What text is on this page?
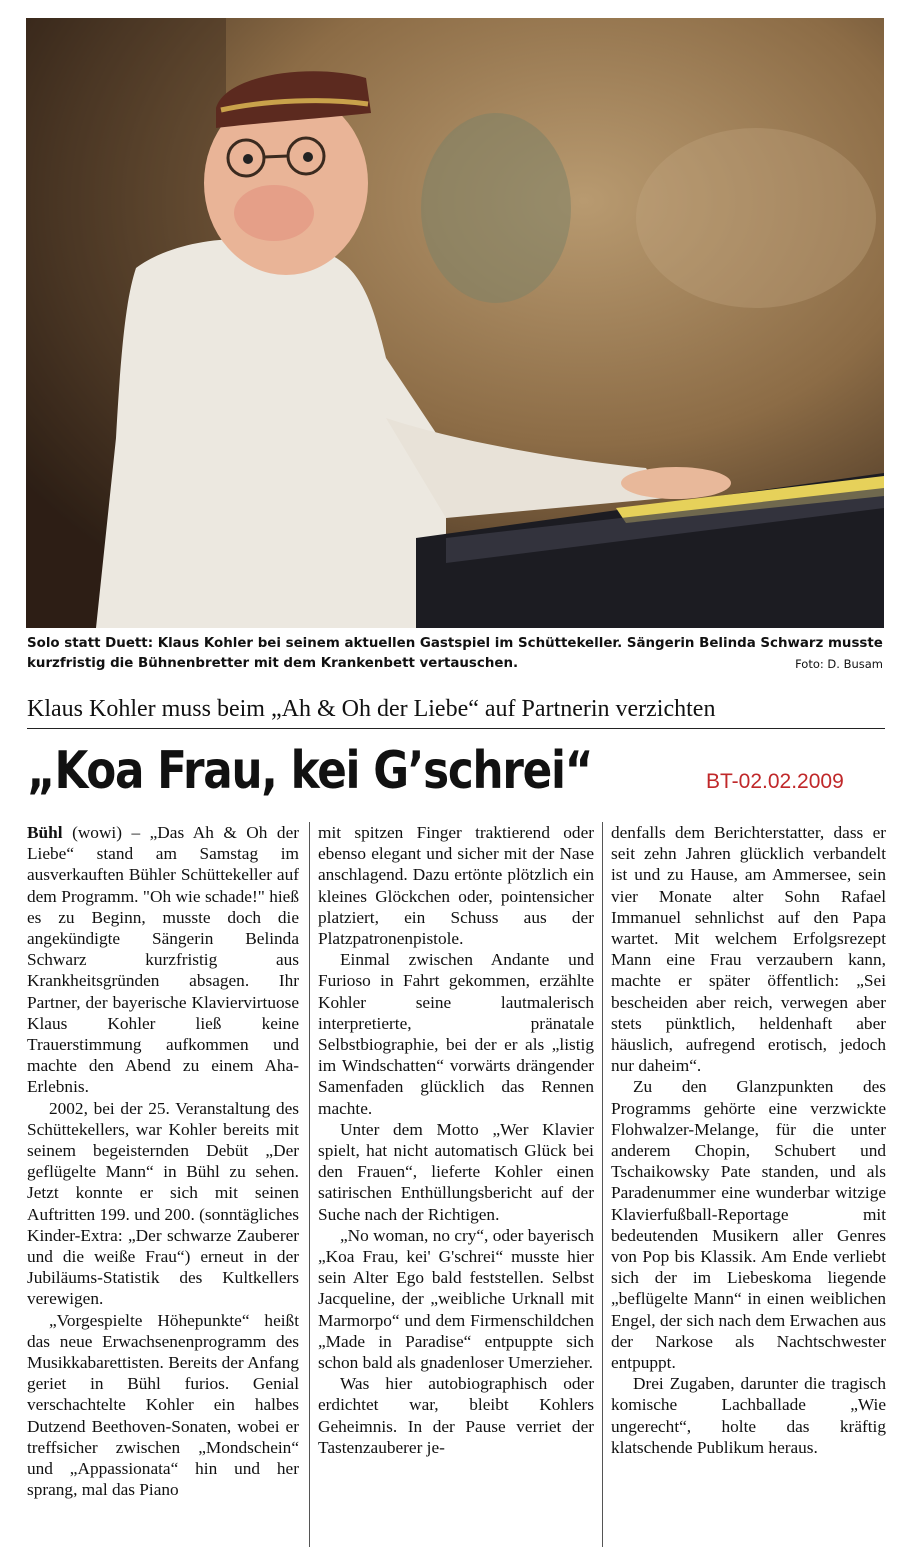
Solo statt Duett: Klaus Kohler bei seinem aktuellen Gastspiel im Schüttekeller. Sängerin Belinda Schwarz musste kurzfristig die Bühnenbretter mit dem Krankenbett vertauschen.	Foto: D. Busam
Klaus Kohler muss beim „Ah & Oh der Liebe“ auf Partnerin verzichten
„Koa Frau, kei G’schrei“	BT-02.02.2009

Bühl (wowi) – „Das Ah & Oh der Liebe“ stand am Samstag im ausverkauften Bühler Schüttekeller auf dem Programm. "Oh wie schade!" hieß es zu Beginn, musste doch die angekündigte Sängerin Belinda Schwarz kurzfristig aus Krankheitsgründen absagen. Ihr Partner, der bayerische Klaviervirtuose Klaus Kohler ließ keine Trauerstimmung aufkommen und machte den Abend zu einem Aha-Erlebnis.

2002, bei der 25. Veranstaltung des Schüttekellers, war Kohler bereits mit seinem begeisternden Debüt „Der geflügelte Mann“ in Bühl zu sehen. Jetzt konnte er sich mit seinen Auftritten 199. und 200. (sonntägliches Kinder-Extra: „Der schwarze Zauberer und die weiße Frau“) erneut in der Jubiläums-Statistik des Kultkellers verewigen.

„Vorgespielte Höhepunkte“ heißt das neue Erwachsenenprogramm des Musikkabarettisten. Bereits der Anfang geriet in Bühl furios. Genial verschachtelte Kohler ein halbes Dutzend Beethoven-Sonaten, wobei er treffsicher zwischen „Mondschein“ und „Appassionata“ hin und her sprang, mal das Piano

mit spitzen Finger traktierend oder ebenso elegant und sicher mit der Nase anschlagend. Dazu ertönte plötzlich ein kleines Glöckchen oder, pointensicher platziert, ein Schuss aus der Platzpatronenpistole.

Einmal zwischen Andante und Furioso in Fahrt gekommen, erzählte Kohler seine lautmalerisch interpretierte, pränatale Selbstbiographie, bei der er als „listig im Windschatten“ vorwärts drängender Samenfaden glücklich das Rennen machte.

Unter dem Motto „Wer Klavier spielt, hat nicht automatisch Glück bei den Frauen“, lieferte Kohler einen satirischen Enthüllungsbericht auf der Suche nach der Richtigen.

„No woman, no cry“, oder bayerisch „Koa Frau, kei' G'schrei“ musste hier sein Alter Ego bald feststellen. Selbst Jacqueline, der „weibliche Urknall mit Marmorpo“ und dem Firmenschildchen „Made in Paradise“ entpuppte sich schon bald als gnadenloser Umerzieher.

Was hier autobiographisch oder erdichtet war, bleibt Kohlers Geheimnis. In der Pause verriet der Tastenzauberer je-

denfalls dem Berichterstatter, dass er seit zehn Jahren glücklich verbandelt ist und zu Hause, am Ammersee, sein vier Monate alter Sohn Rafael Immanuel sehnlichst auf den Papa wartet. Mit welchem Erfolgsrezept Mann eine Frau verzaubern kann, machte er später öffentlich: „Sei bescheiden aber reich, verwegen aber stets pünktlich, heldenhaft aber häuslich, aufregend erotisch, jedoch nur daheim“.

Zu den Glanzpunkten des Programms gehörte eine verzwickte Flohwalzer-Melange, für die unter anderem Chopin, Schubert und Tschaikowsky Pate standen, und als Paradenummer eine wunderbar witzige Klavierfußball-Reportage mit bedeutenden Musikern aller Genres von Pop bis Klassik. Am Ende verliebt sich der im Liebeskoma liegende „beflügelte Mann“ in einen weiblichen Engel, der sich nach dem Erwachen aus der Narkose als Nachtschwester entpuppt.

Drei Zugaben, darunter die tragisch komische Lachballade „Wie ungerecht“, holte das kräftig klatschende Publikum heraus.
